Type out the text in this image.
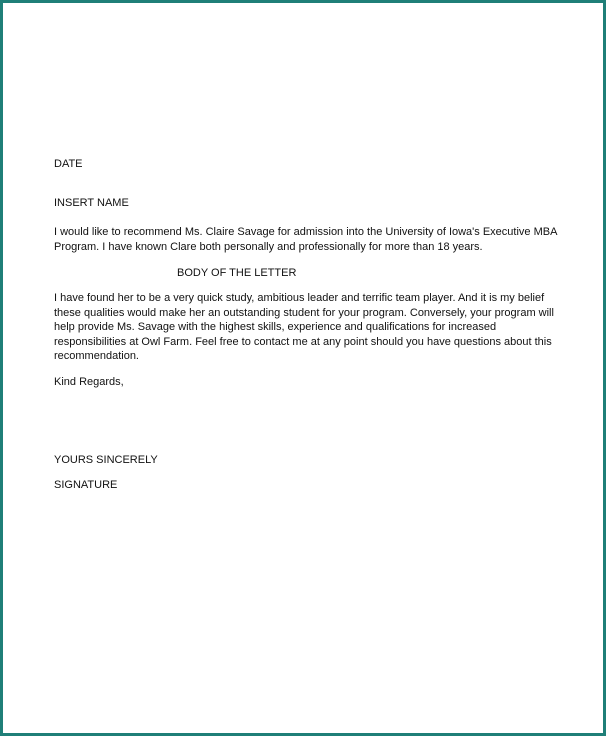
DATE
INSERT NAME

I would like to recommend Ms. Claire Savage for admission into the University of Iowa's Executive MBA

Program. I have known Clare both personally and professionally for more than 18 years.

BODY OF THE LETTER

I have found her to be a very quick study, ambitious leader and terrific team player. And it is my belief

these qualities would make her an outstanding student for your program. Conversely, your program will

help provide Ms. Savage with the highest skills, experience and qualifications for increased

responsibilities at Owl Farm. Feel free to contact me at any point should you have questions about this

recommendation.

Kind Regards,
YOURS SINCERELY
SIGNATURE
